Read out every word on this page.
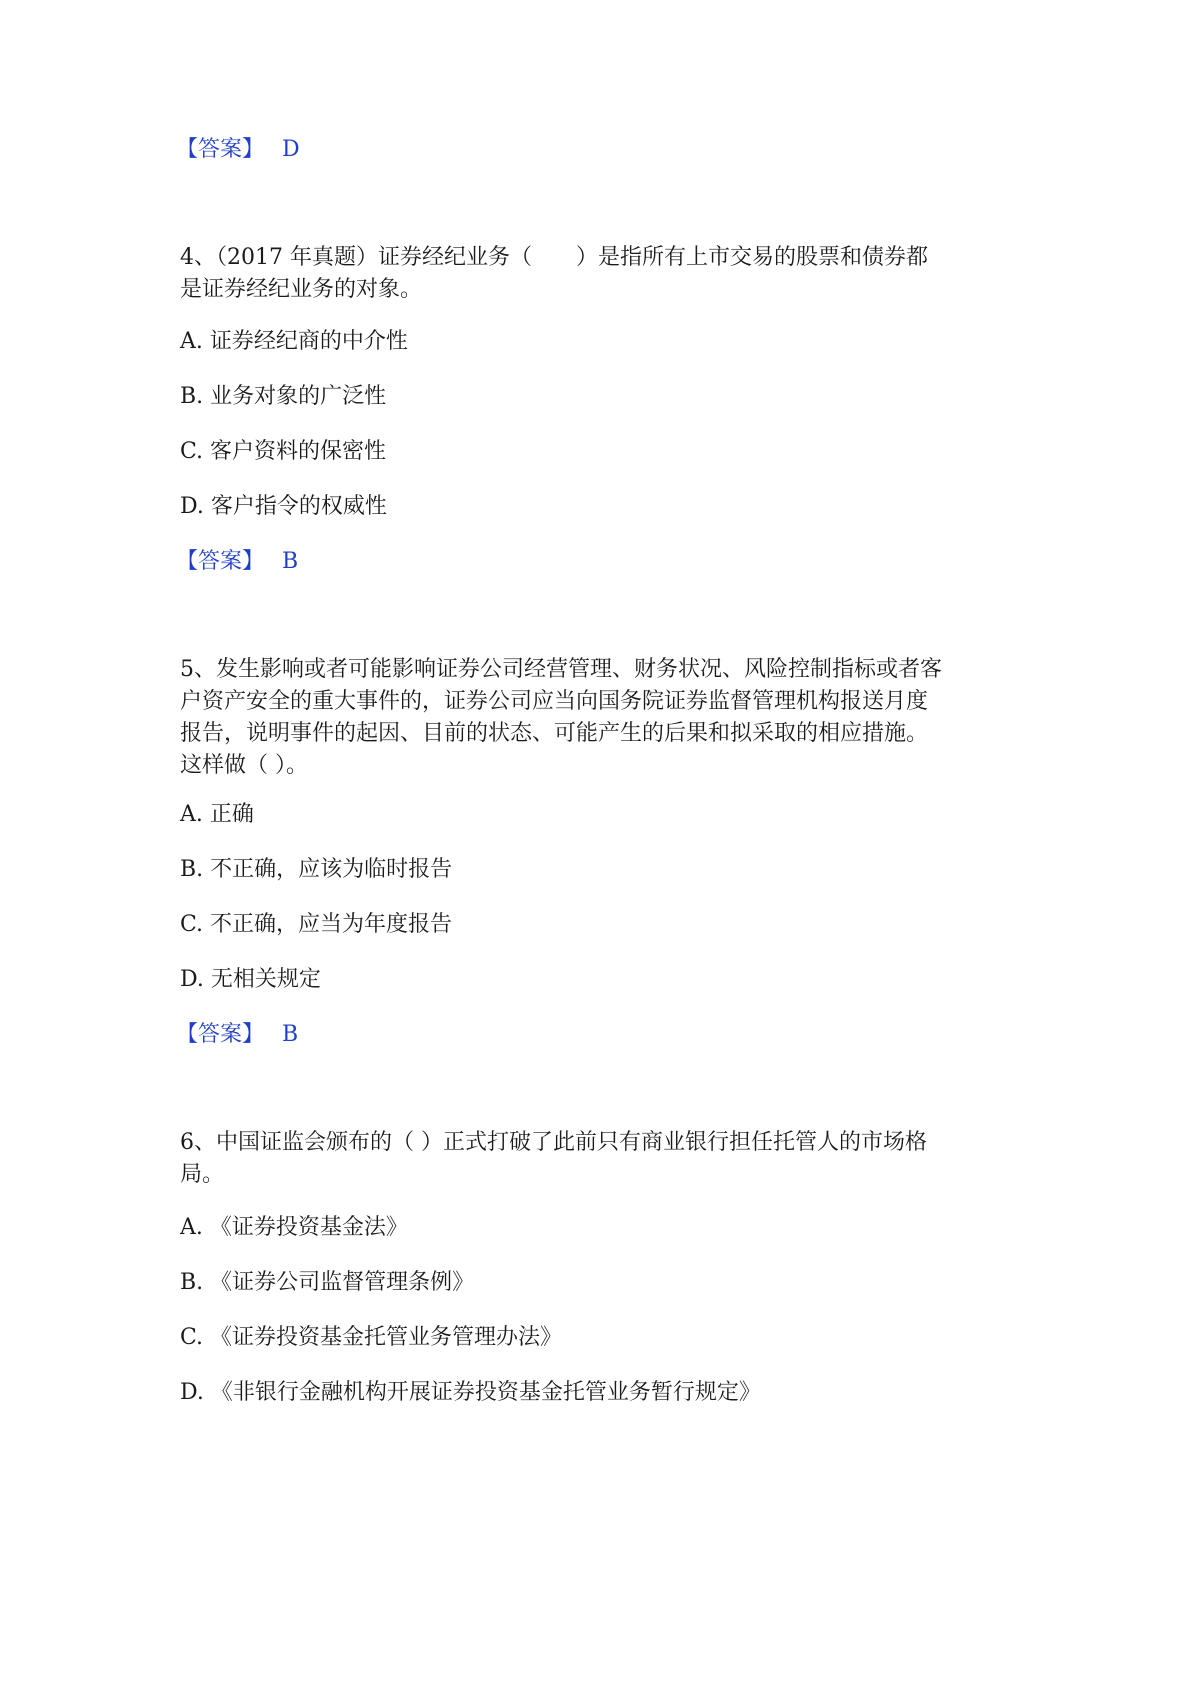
【答案】 D
4、（2017 年真题）证券经纪业务（　　）是指所有上市交易的股票和债券都
是证券经纪业务的对象。
A. 证券经纪商的中介性
B. 业务对象的广泛性
C. 客户资料的保密性
D. 客户指令的权威性
【答案】 B
5、发生影响或者可能影响证券公司经营管理、财务状况、风险控制指标或者客
户资产安全的重大事件的，证券公司应当向国务院证券监督管理机构报送月度
报告，说明事件的起因、目前的状态、可能产生的后果和拟采取的相应措施。
这样做（ ）。
A. 正确
B. 不正确，应该为临时报告
C. 不正确，应当为年度报告
D. 无相关规定
【答案】 B
6、中国证监会颁布的（ ）正式打破了此前只有商业银行担任托管人的市场格
局。
A. 《证券投资基金法》
B. 《证券公司监督管理条例》
C. 《证券投资基金托管业务管理办法》
D. 《非银行金融机构开展证券投资基金托管业务暂行规定》
